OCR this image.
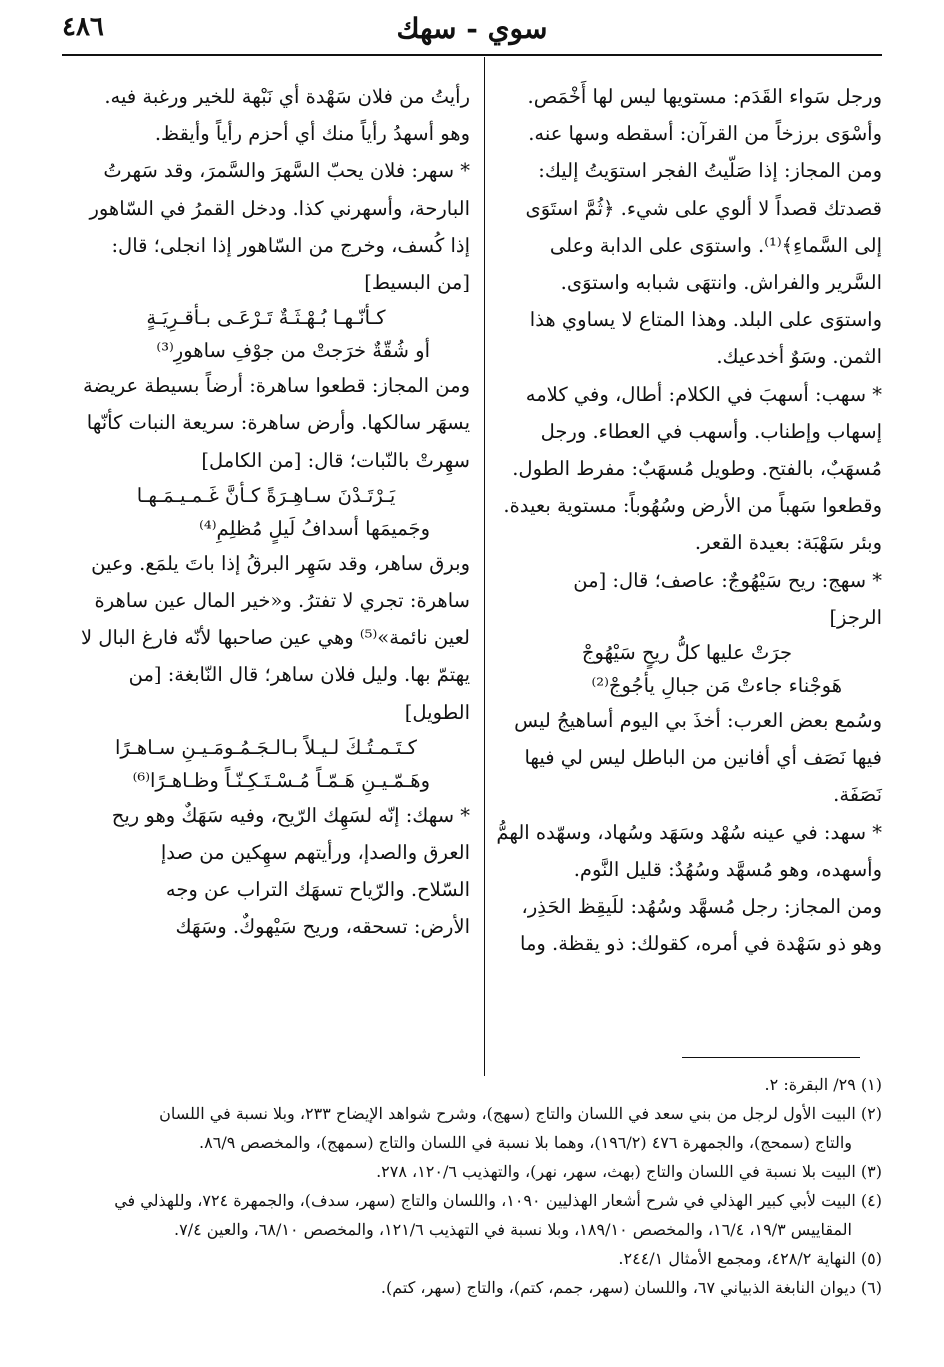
٤٨٦	سوي - سهك

ورجل سَواء القَدَم: مستويها ليس لها أَخْمَص.

وأسْوَى برزخاً من القرآن: أسقطه وسها عنه.

ومن المجاز: إذا صَلّيتُ الفجر استوَيتُ إليك:

قصدتك قصداً لا ألوي على شيء. ﴿ثُمَّ استَوَى

إلى السَّماءِ﴾⁽¹⁾. واستوَى على الدابة وعلى

السَّرير والفراش. وانتهَى شبابه واستوَى.

واستوَى على البلد. وهذا المتاع لا يساوي هذا

الثمن. وسَوٌ أخدعيك.

* سهب: أسهبَ في الكلام: أطال، وفي كلامه

إسهاب وإطناب. وأسهب في العطاء. ورجل

مُسهَبٌ، بالفتح. وطويل مُسهَبٌ: مفرط الطول.

وقطعوا سَهباً من الأرض وسُهُوباً: مستوية بعيدة.

وبئر سَهْبَة: بعيدة القعر.

* سهج: ريح سَيْهُوجٌ: عاصف؛ قال: [من

الرجز]

جرَتْ عليها كلُّ ريحٍ سَيْهُوجْ

هَوجْناء جاءتْ مَن جبالِ يأجُوجْ⁽²⁾

وسُمع بعض العرب: أخذَ بي اليوم أساهيجُ ليس

فيها نَصَف أي أفانين من الباطل ليس لي فيها

نَصَفَة.

* سهد: في عينه سُهْد وسَهَد وسُهاد، وسهّده الهمُّ

وأسهده، وهو مُسهَّد وسُهُدٌ: قليل النَّوم.

ومن المجاز: رجل مُسهَّد وسُهُد: للَيقِظ الحَذِر،

وهو ذو سَهْدة في أمره، كقولك: ذو يقظة. وما

رأيتُ من فلان سَهْدة أي نَبْهة للخير ورغبة فيه.

وهو أسهدُ رأياً منك أي أحزم رأياً وأيقظ.

* سهر: فلان يحبّ السَّهرَ والسَّمرَ، وقد سَهرتُ

البارحة، وأسهرني كذا. ودخل القمرُ في السّاهور

إذا كُسف، وخرج من السّاهور إذا انجلى؛ قال:

[من البسيط]

كـأنّـهـا بُـهْـثَـةٌ تَـرْعَـى بـأقـرِيَـةٍ

أو شُقّةٌ خرَجتْ من جوْفِ ساهورِ⁽³⁾

ومن المجاز: قطعوا ساهرة: أرضاً بسيطة عريضة

يسهَر سالكها. وأرض ساهرة: سريعة النبات كأنّها

سهِرتْ بالنّبات؛ قال: [من الكامل]

يَـرْتَـدْنَ سـاهِـرَةً كـأنَّ غَـمـيـمَـهـا

وجَميمَها أسدافُ لَيلٍ مُظلِمِ⁽⁴⁾

وبرق ساهر، وقد سَهِر البرقُ إذا باتَ يلمَع. وعين

ساهرة: تجري لا تفترُ. و«خير المال عين ساهرة

لعين نائمة»⁽⁵⁾ وهي عين صاحبها لأنّه فارغ البال لا

يهتمّ بها. وليل فلان ساهر؛ قال النّابغة: [من

الطويل]

كـتَـمـتُـكَ لـيـلاً بـالـجَـمُـومَـيـنِ سـاهـرًا

وهَـمّـيـنِ هَـمّـاً مُـسْـتَـكِـنّـاً وظـاهـرًا⁽⁶⁾

* سهك: إنّه لسَهِك الرّيح، وفيه سَهَكٌ وهو ريح

العرق والصدإ، ورأيتهم سهِكين من صدإ

السّلاح. والرّياح تسهَك التراب عن وجه

الأرض: تسحقه، وريح سَيْهوكٌ. وسَهَك

(١) ٢٩/ البقرة: ٢.

(٢) البيت الأول لرجل من بني سعد في اللسان والتاج (سهج)، وشرح شواهد الإيضاح ٢٣٣، وبلا نسبة في اللسان

والتاج (سمحج)، والجمهرة ٤٧٦ (١٩٦/٢)، وهما بلا نسبة في اللسان والتاج (سمهج)، والمخصص ٨٦/٩.

(٣) البيت بلا نسبة في اللسان والتاج (بهث، سهر، نهر)، والتهذيب ١٢٠/٦، ٢٧٨.

(٤) البيت لأبي كبير الهذلي في شرح أشعار الهذليين ١٠٩٠، واللسان والتاج (سهر، سدف)، والجمهرة ٧٢٤، وللهذلي في

المقاييس ١٩/٣، ١٦/٤، والمخصص ١٨٩/١٠، وبلا نسبة في التهذيب ١٢١/٦، والمخصص ٦٨/١٠، والعين ٧/٤.

(٥) النهاية ٤٢٨/٢، ومجمع الأمثال ٢٤٤/١.

(٦) ديوان النابغة الذبياني ٦٧، واللسان (سهر، جمم، كتم)، والتاج (سهر، كتم).
